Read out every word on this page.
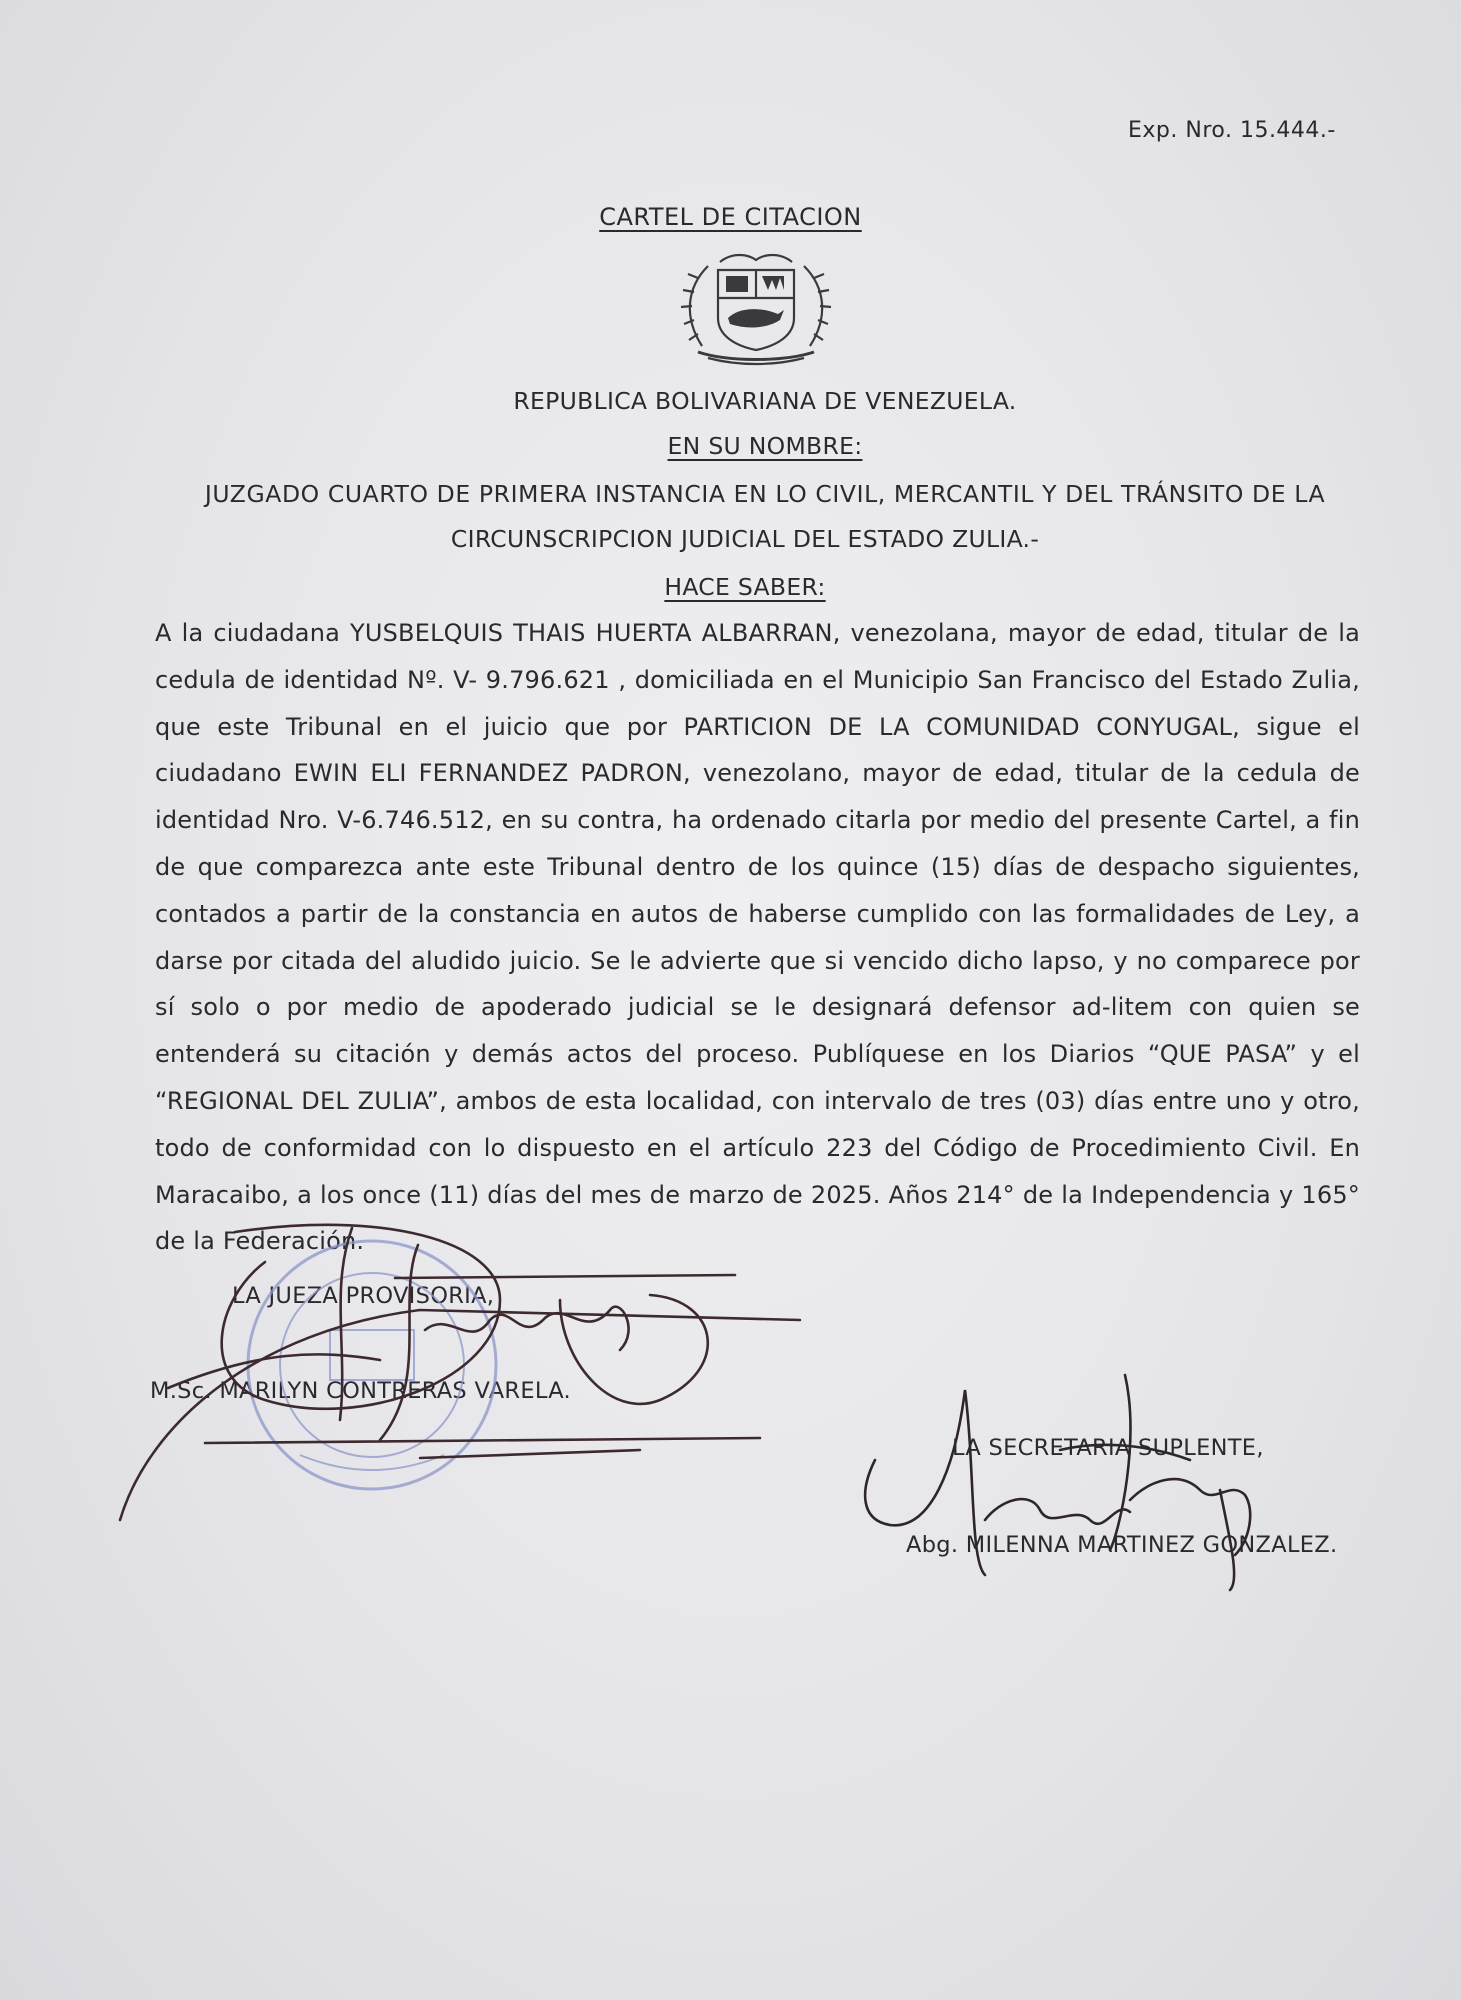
Exp. Nro. 15.444.-
CARTEL DE CITACION
REPUBLICA BOLIVARIANA DE VENEZUELA.
EN SU NOMBRE:
JUZGADO CUARTO DE PRIMERA INSTANCIA EN LO CIVIL, MERCANTIL Y DEL TRÁNSITO DE LA
CIRCUNSCRIPCION JUDICIAL DEL ESTADO ZULIA.-
HACE SABER:
A la ciudadana YUSBELQUIS THAIS HUERTA ALBARRAN, venezolana, mayor de edad, titular de la cedula de identidad Nº. V- 9.796.621 , domiciliada en el Municipio San Francisco del Estado Zulia, que este Tribunal en el juicio que por PARTICION DE LA COMUNIDAD CONYUGAL, sigue el ciudadano EWIN ELI FERNANDEZ PADRON, venezolano, mayor de edad, titular de la cedula de identidad Nro. V-6.746.512, en su contra, ha ordenado citarla por medio del presente Cartel, a fin de que comparezca ante este Tribunal dentro de los quince (15) días de despacho siguientes, contados a partir de la constancia en autos de haberse cumplido con las formalidades de Ley, a darse por citada del aludido juicio. Se le advierte que si vencido dicho lapso, y no comparece por sí solo o por medio de apoderado judicial se le designará defensor ad-litem con quien se entenderá su citación y demás actos del proceso. Publíquese en los Diarios “QUE PASA” y el “REGIONAL DEL ZULIA”, ambos de esta localidad, con intervalo de tres (03) días entre uno y otro, todo de conformidad con lo dispuesto en el artículo 223 del Código de Procedimiento Civil. En Maracaibo, a los once (11) días del mes de marzo de 2025. Años 214° de la Independencia y 165° de la Federación.
LA JUEZA PROVISORIA,
M.Sc. MARILYN CONTRERAS VARELA.
LA SECRETARIA SUPLENTE,
Abg. MILENNA MARTINEZ GONZALEZ.
